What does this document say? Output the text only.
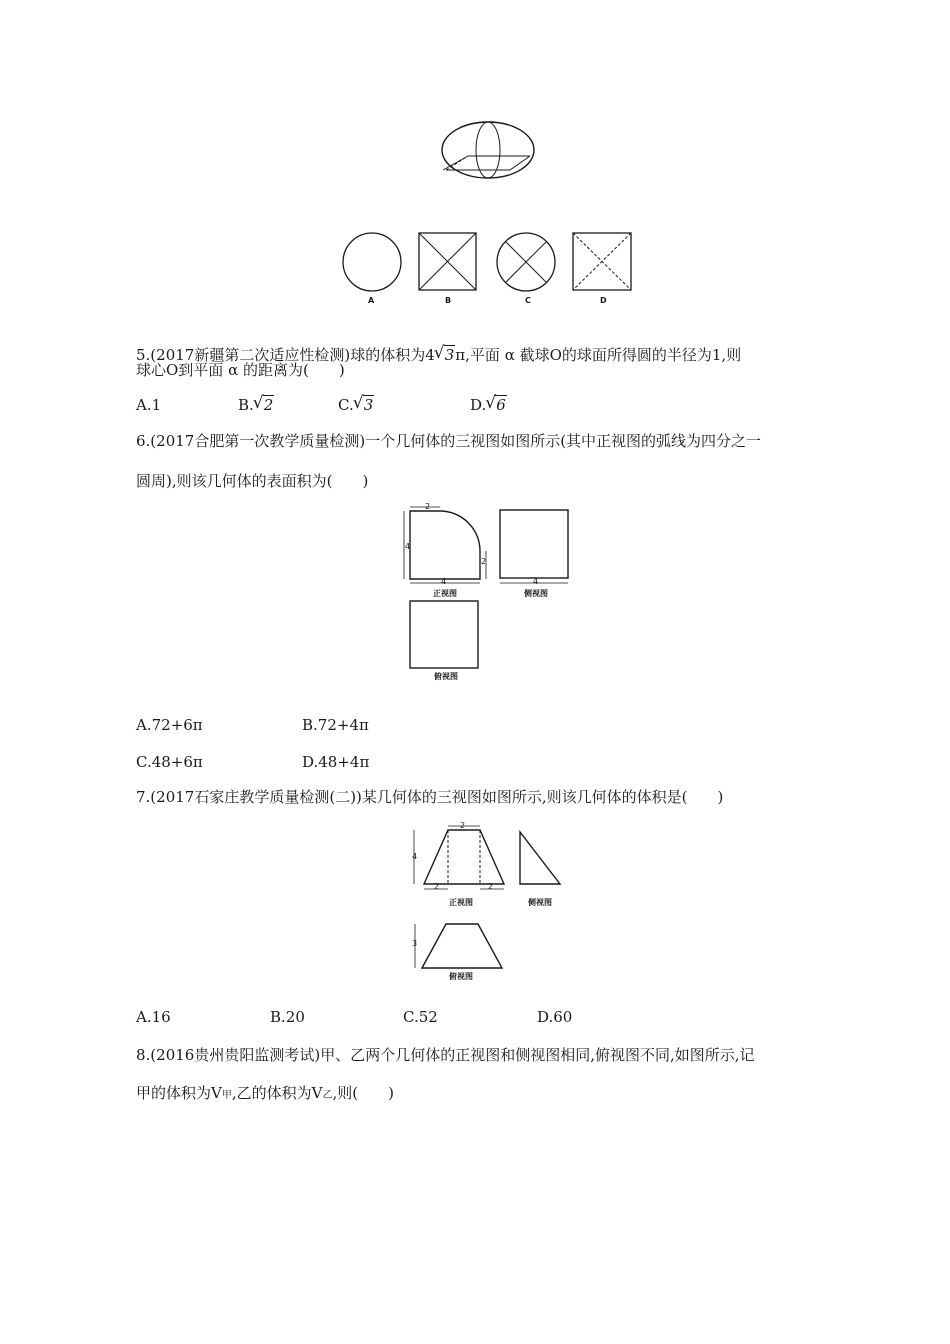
A	B	C	D
5.(2017新疆第二次适应性检测)球的体积为4 √ 3π,平面 α 截球O的球面所得圆的半径为1,则
球心O到平面 α 的距离为(　　)
A.1	B. √ 2	C. √ 3	D. √ 6
6.(2017合肥第一次教学质量检测)一个几何体的三视图如图所示(其中正视图的弧线为四分之一
圆周),则该几何体的表面积为(　　)
2
4
2
4
正视图
4
侧视图
俯视图
A.72+6π	B.72+4π
C.48+6π	D.48+4π
7.(2017石家庄教学质量检测(二))某几何体的三视图如图所示,则该几何体的体积是(　　)
2
4
2	2
正视图	侧视图
3
俯视图
A.16	B.20	C.52	D.60
8.(2016贵州贵阳监测考试)甲、乙两个几何体的正视图和侧视图相同,俯视图不同,如图所示,记
甲的体积为V甲,乙的体积为V乙,则(　　)
